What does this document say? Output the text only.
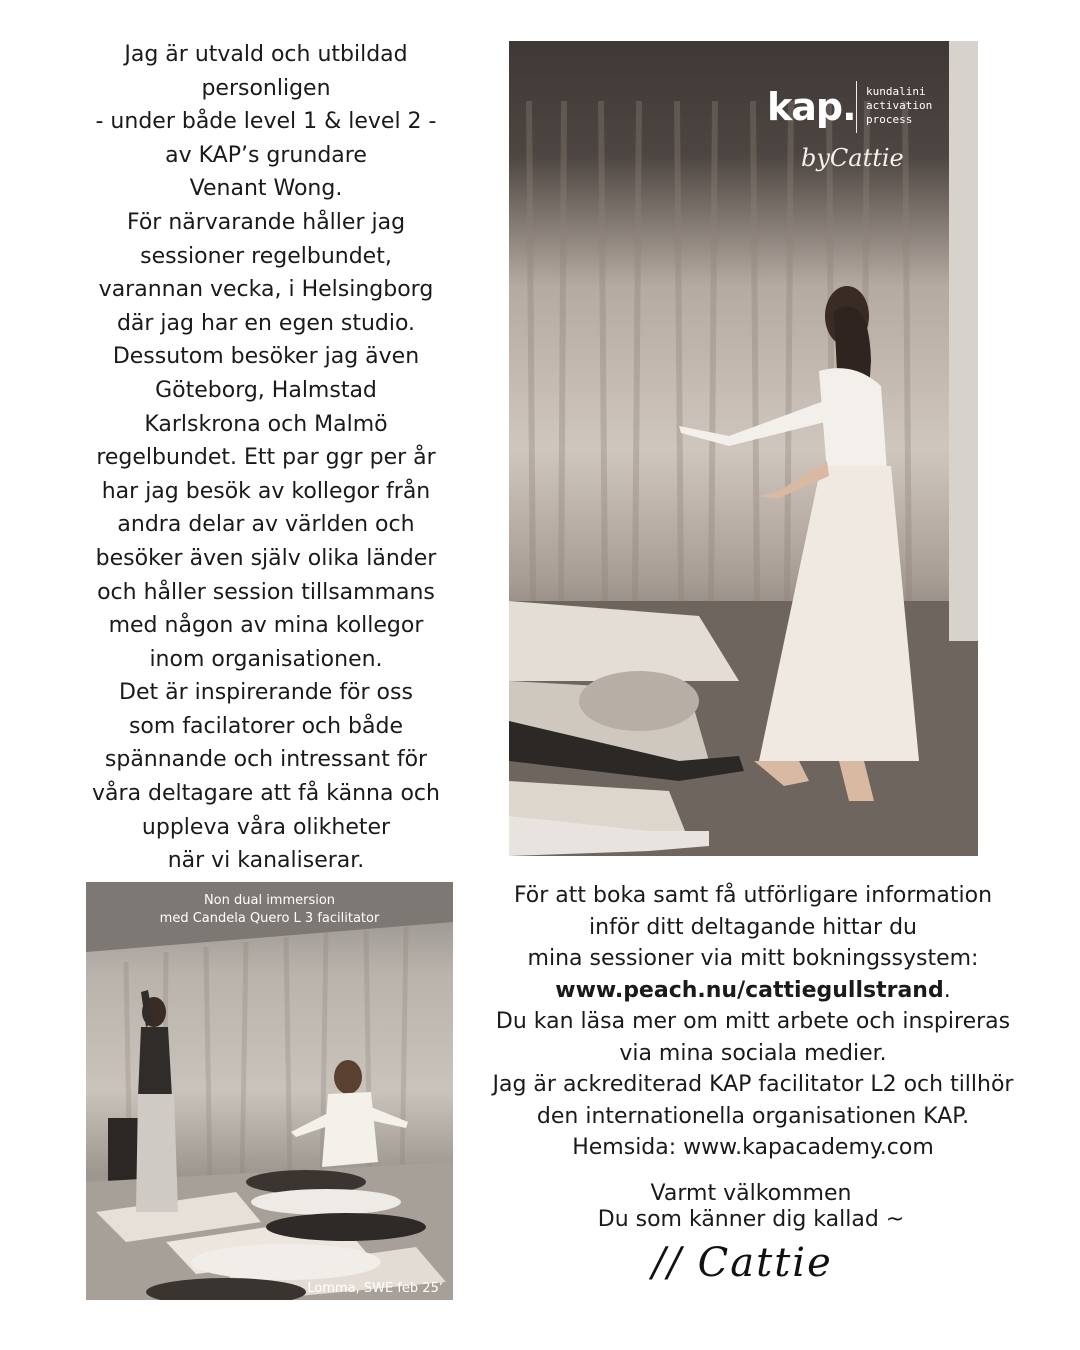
Jag är utvald och utbildad
personligen
- under både level 1 & level 2 -
av KAP’s grundare
Venant Wong.
För närvarande håller jag
sessioner regelbundet,
varannan vecka, i Helsingborg
där jag har en egen studio.
Dessutom besöker jag även
Göteborg, Halmstad
Karlskrona och Malmö
regelbundet. Ett par ggr per år
har jag besök av kollegor från
andra delar av världen och
besöker även själv olika länder
och håller session tillsammans
med någon av mina kollegor
inom organisationen.
Det är inspirerande för oss
som facilatorer och både
spännande och intressant för
våra deltagare att få känna och
uppleva våra olikheter
när vi kanaliserar.
kap. kundalini
activation
process
byCattie
Non dual immersion
med Candela Quero L 3 facilitator
Lomma, SWE feb 25’
För att boka samt få utförligare information
inför ditt deltagande hittar du
mina sessioner via mitt bokningssystem:
www.peach.nu/cattiegullstrand.
Du kan läsa mer om mitt arbete och inspireras
via mina sociala medier.
Jag är ackrediterad KAP facilitator L2 och tillhör
den internationella organisationen KAP.
Hemsida: www.kapacademy.com
Varmt välkommen
Du som känner dig kallad ~
// Cattie
